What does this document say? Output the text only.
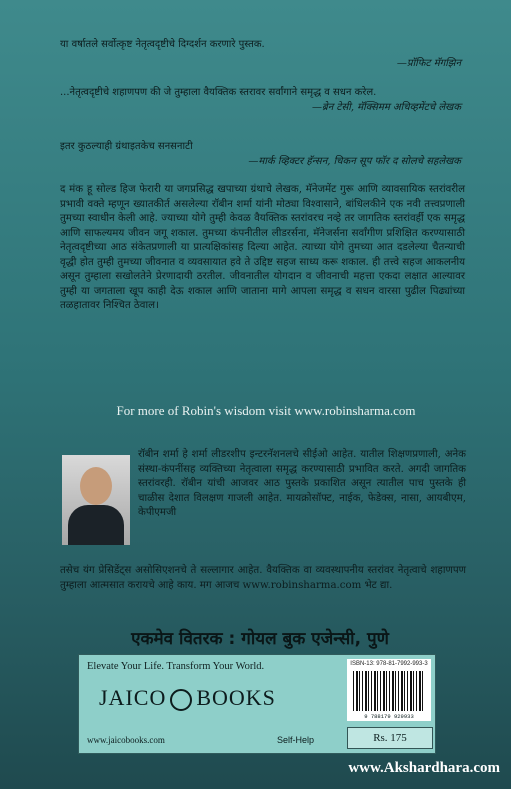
या वर्षातले सर्वोत्कृष्ट नेतृत्वदृष्टीचे दिग्दर्शन करणारे पुस्तक.
—प्रॉफिट मॅगझिन
...नेतृत्वदृष्टीचे शहाणपण की जे तुम्हाला वैयक्तिक स्तरावर सर्वांगाने समृद्ध व सधन करेल.
—ब्रेन टेसी, मॅक्सिमम अचिव्हमेंटचे लेखक
इतर कुठल्याही ग्रंथाइतकेच सनसनाटी
—मार्क व्हिक्टर हॅन्सन, चिकन सूप फॉर द सोलचे सहलेखक
द मंक हू सोल्ड हिज फेरारी या जगप्रसिद्ध खपाच्या ग्रंथाचे लेखक, मॅनेजमेंट गुरू आणि व्यावसायिक स्तरांवरील प्रभावी वक्ते म्हणून ख्यातकीर्त असलेल्या रॉबीन शर्मा यांनी मोठ्या विश्वासाने, बांधिलकीने एक नवी तत्त्वप्रणाली तुमच्या स्वाधीन केली आहे. ज्याच्या योगे तुम्ही केवळ वैयक्तिक स्तरांवरच नव्हे तर जागतिक स्तरांवर्ही एक समृद्ध आणि साफल्यमय जीवन जगू शकाल. तुमच्या कंपनीतील लीडरर्सना, मॅनेजर्सना सर्वांगीण प्रशिक्षित करण्यासाठी नेतृत्वदृष्टीच्या आठ संकेतप्रणाली या प्रात्यक्षिकांसह दिल्या आहेत. त्याच्या योगे तुमच्या आत दडलेल्या चैतन्याची वृद्धी होत तुम्ही तुमच्या जीवनात व व्यवसायात हवे ते उद्दिष्ट सहज साध्य करू शकाल. ही तत्त्वे सहज आकलनीय असून तुम्हाला सखोलतेने प्रेरणादायी ठरतील. जीवनातील योगदान व जीवनाची महत्ता एकदा लक्षात आल्यावर तुम्ही या जगताला खूप काही देऊ शकाल आणि जाताना मागे आपला समृद्ध व सधन वारसा पुढील पिढ्यांच्या तळहातावर निश्चित ठेवाल।
For more of Robin's wisdom visit www.robinsharma.com
रॉबीन शर्मा हे शर्मा लीडरशीप इन्टरनॅशनलचे सीईओ आहेत. यातील शिक्षणप्रणाली, अनेक संस्था-कंपनींसह व्यक्तिच्या नेतृत्वाला समृद्ध करण्यासाठी प्रभावित करते. अगदी जागतिक स्तरांवरही. रॉबीन यांची आजवर आठ पुस्तके प्रकाशित असून त्यातील पाच पुस्तके ही चाळीस देशात विलक्षण गाजली आहेत. मायक्रोसॉफ्ट, नाईक, फेडेक्स, नासा, आयबीएम, केपीएमजी
तसेच यंग प्रेसिडेंट्स असोसिएशनचे ते सल्लागार आहेत. वैयक्तिक वा व्यवस्थापनीय स्तरांवर नेतृत्वाचे शहाणपण तुम्हाला आत्मसात करायचे आहे काय. मग आजच www.robinsharma.com भेट द्या.
एकमेव वितरक : गोयल बुक एजेन्सी, पुणे
Elevate Your Life. Transform Your World.
JAICO BOOKS
www.jaicobooks.com	Self-Help
ISBN-13: 978-81-7992-993-3
9 788179 929933
Rs. 175
www.Akshardhara.com
